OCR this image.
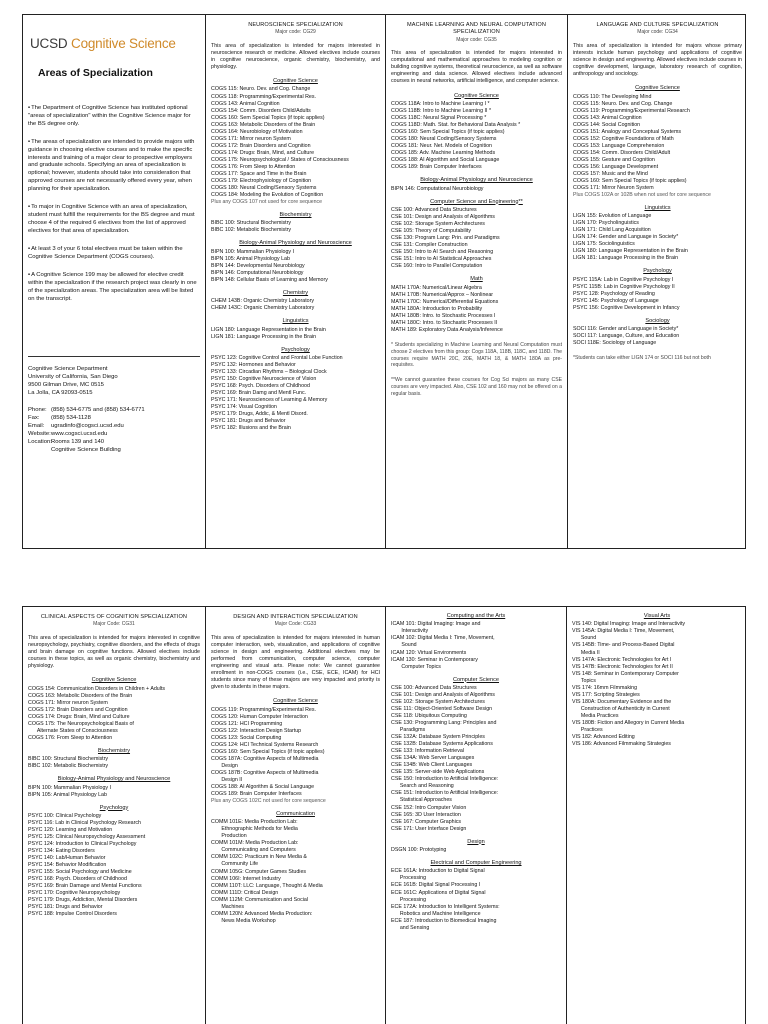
UCSD Cognitive Science
Areas of Specialization

•The Department of Cognitive Science has instituted optional "areas of specialization" within the Cognitive Science major for the BS degree only.

•The areas of specialization are intended to provide majors with guidance in choosing elective courses and to make the specific interests and training of a major clear to prospective employers and graduate schools. Specifying an area of specialization is optional; however, students should take into consideration that approved courses are not necessarily offered every year, when planning for their specialization.

•To major in Cognitive Science with an area of specialization, student must fulfill the requirements for the BS degree and must choose 4 of the required 6 electives from the list of approved electives for that area of specialization.

•At least 3 of your 6 total electives must be taken within the Cognitive Science Department (COGS courses).

•A Cognitive Science 199 may be allowed for elective credit within the specialization if the research project was clearly in one of the specialization areas. The specialization area will be listed on the transcript.

Cognitive Science Department
University of California, San Diego
9500 Gilman Drive, MC 0515
La Jolla, CA 92093-0515
Phone: (858) 534-6775 and (858) 534-6771
Fax:	(858) 534-1128
Email:	ugradinfo@cogsci.ucsd.edu
Website: www.cogsci.ucsd.edu
Location: Rooms 139 and 140
Cognitive Science Building
NEUROSCIENCE SPECIALIZATION
Major code: CG29
This area of specialization is intended for majors interested in neuroscience research or medicine. Allowed electives include courses in cognitive neuroscience, organic chemistry, biochemistry, and physiology.
Cognitive Science
COGS 115: Neuro. Dev. and Cog. Change
COGS 118: Programming/Experimental Res.
COGS 143: Animal Cognition
COGS 154: Comm. Disorders Child/Adults
COGS 160: Sem Special Topics (if topic applies)
COGS 163: Metabolic Disorders of the Brain
COGS 164: Neurobiology of Motivation
COGS 171: Mirror neuron System
COGS 172: Brain Disorders and Cognition
COGS 174: Drugs: Brain, Mind, and Culture
COGS 175: Neuropsychological / States of Consciousness
COGS 176: From Sleep to Attention
COGS 177: Space and Time in the Brain
COGS 179: Electrophysiology of Cognition
COGS 180: Neural Coding/Sensory Systems
COGS 184: Modeling the Evolution of Cognition
Plus any COGS 107 not used for core sequence
Biochemistry
BIBC 100: Structural Biochemistry
BIBC 102: Metabolic Biochemistry
Biology-Animal Physiology and Neuroscience
BIPN 100: Mammalian Physiology I
BIPN 105: Animal Physiology Lab
BIPN 144: Developmental Neurobiology
BIPN 146: Computational Neurobiology
BIPN 148: Cellular Basis of Learning and Memory
Chemistry
CHEM 143B: Organic Chemistry Laboratory
CHEM 143C: Organic Chemistry Laboratory
Linguistics
LIGN 180: Language Representation in the Brain
LIGN 181: Language Processing in the Brain
Psychology
PSYC 123: Cognitive Control and Frontal Lobe Function
PSYC 132: Hormones and Behavior
PSYC 133: Circadian Rhythms – Biological Clock
PSYC 150: Cognitive Neuroscience of Vision
PSYC 168: Psych. Disorders of Childhood
PSYC 169: Brain Damg and Mentl Func.
PSYC 171: Neurosciences of Learning & Memory
PSYC 174: Visual Cognition
PSYC 179: Drugs, Addic, & Mentl Disord.
PSYC 181: Drugs and Behavior
PSYC 182: Illusions and the Brain
MACHINE LEARNING AND NEURAL COMPUTATION SPECIALIZATION
Major code: CG35
This area of specialization is intended for majors interested in computational and mathematical approaches to modeling cognition or building cognitive systems, theoretical neuroscience, as well as software engineering and data science. Allowed electives include advanced courses in neural networks, artificial intelligence, and computer science.
Cognitive Science
COGS 118A: Intro to Machine Learning I *
COGS 118B: Intro to Machine Learning II *
COGS 118C: Neural Signal Processing *
COGS 118D: Math. Stat. for Behavioral Data Analysis *
COGS 160: Sem Special Topics (if topic applies)
COGS 180: Neural Coding/Sensory Systems
COGS 181: Neur. Net. Models of Cognition
COGS 185: Adv. Machine Learning Methods
COGS 188: AI Algorithm and Social Language
COGS 189: Brain Computer Interfaces
Biology-Animal Physiology and Neuroscience
BIPN 146: Computational Neurobiology
Computer Science and Engineering**
CSE 100: Advanced Data Structures
CSE 101: Design and Analysis of Algorithms
CSE 102: Storage System Architectures
CSE 105: Theory of Computability
CSE 130: Program Lang: Prin. and Paradigms
CSE 131: Compiler Construction
CSE 150: Intro to AI Search and Reasoning
CSE 151: Intro to AI Statistical Approaches
CSE 160: Intro to Parallel Computation
Math
MATH 170A: Numerical/Linear Algebra
MATH 170B: Numerical/Approx – Nonlinear
MATH 170C: Numerical/Differential Equations
MATH 180A: Introduction to Probability
MATH 180B: Intro. to Stochastic Processes I
MATH 180C: Intro. to Stochastic Processes II
MATH 189: Exploratory Data Analysis/Inference
* Students specializing in Machine Learning and Neural Computation must choose 2 electives from this group: Cogs 118A, 118B, 118C, and 118D. The courses require MATH 20C, 20E, MATH 18, & MATH 180A as pre-requisites.
**We cannot guarantee these courses for Cog Sci majors as many CSE courses are very impacted. Also, CSE 102 and 160 may not be offered on a regular basis.
LANGUAGE AND CULTURE SPECIALIZATION
Major code: CG34
This area of specialization is intended for majors whose primary interests include human psychology and applications of cognitive science in design and engineering. Allowed electives include courses in cognitive development, language, laboratory research of cognition, anthropology and sociology.
Cognitive Science
COGS 110: The Developing Mind
COGS 115: Neuro. Dev. and Cog. Change
COGS 119: Programming/Experimental Research
COGS 143: Animal Cognition
COGS 144: Social Cognition
COGS 151: Analogy and Conceptual Systems
COGS 152: Cognitive Foundations of Math
COGS 153: Language Comprehension
COGS 154: Comm. Disorders Child/Adult
COGS 155: Gesture and Cognition
COGS 156: Language Development
COGS 157: Music and the Mind
COGS 160: Sem Special Topics (if topic applies)
COGS 171: Mirror Neuron System
Plus COGS 102A or 102B when not used for core sequence
Linguistics
LIGN 155: Evolution of Language
LIGN 170: Psycholinguistics
LIGN 171: Child Lang Acquisition
LIGN 174: Gender and Language in Society*
LIGN 175: Sociolinguistics
LIGN 180: Language Representation in the Brain
LIGN 181: Language Processing in the Brain
Psychology
PSYC 115A: Lab in Cognitive Psychology I
PSYC 115B: Lab in Cognitive Psychology II
PSYC 128: Psychology of Reading
PSYC 145: Psychology of Language
PSYC 156: Cognitive Development in Infancy
Sociology
SOCI 116: Gender and Language in Society*
SOCI 117: Language, Culture, and Education
SOCI 118E: Sociology of Language
*Students can take either LIGN 174 or SOCI 116 but not both
CLINICAL ASPECTS OF COGNITION SPECIALIZATION
Major Code: CG31
This area of specialization is intended for majors interested in cognitive neuropsychology, psychiatry, cognitive disorders, and the effects of drugs and brain damage on cognitive functions. Allowed electives include courses in these topics, as well as organic chemistry, biochemistry and physiology.
Cognitive Science
COGS 154: Communication Disorders in Children + Adults
COGS 163: Metabolic Disorders of the Brain
COGS 171: Mirror neuron System
COGS 172: Brain Disorders and Cognition
COGS 174: Drugs: Brain, Mind and Culture
COGS 175: The Neuropsychological Basis of
Alternate States of Consciousness
COGS 176: From Sleep to Attention
Biochemistry
BIBC 100: Structural Biochemistry
BIBC 102: Metabolic Biochemistry
Biology-Animal Physiology and Neuroscience
BIPN 100: Mammalian Physiology I
BIPN 105: Animal Physiology Lab
Psychology
PSYC 100: Clinical Psychology
PSYC 116: Lab in Clinical Psychology Research
PSYC 120: Learning and Motivation
PSYC 125: Clinical Neuropsychology Assessment
PSYC 124: Introduction to Clinical Psychology
PSYC 134: Eating Disorders
PSYC 140: Lab/Human Behavior
PSYC 154: Behavior Modification
PSYC 155: Social Psychology and Medicine
PSYC 168: Psych. Disorders of Childhood
PSYC 169: Brain Damage and Mental Functions
PSYC 170: Cognitive Neuropsychology
PSYC 179: Drugs, Addiction, Mental Disorders
PSYC 181: Drugs and Behavior
PSYC 188: Impulse Control Disorders
DESIGN AND INTERACTION SPECIALIZATION
Major Code: CG33
This area of specialization is intended for majors interested in human computer interaction, web, visualization, and applications of cognitive science in design and engineering. Additional electives may be performed from communication, computer science, computer engineering and visual arts. Please note: We cannot guarantee enrollment in non-COGS courses (i.e., CSE, ECE, ICAM) for HCI students since many of these majors are very impacted and priority is given to students in these majors.
Cognitive Science
COGS 119: Programming/Experimental Res.
COGS 120: Human Computer Interaction
COGS 121: HCI Programming
COGS 122: Interaction Design Startup
COGS 123: Social Computing
COGS 124: HCI Technical Systems Research
COGS 160: Sem Special Topics (if topic applies)
COGS 187A: Cognitive Aspects of Multimedia
Design
COGS 187B: Cognitive Aspects of Multimedia
Design II
COGS 188: AI Algorithm & Social Language
COGS 189: Brain Computer Interfaces
Plus any COGS 102C not used for core sequence
Communication
COMM 101E: Media Production Lab:
Ethnographic Methods for Media
Production
COMM 101M: Media Production Lab:
Communicating and Computers
COMM 102C: Practicum in New Media &
Community Life
COMM 105G: Computer Games Studies
COMM 106I: Internet Industry
COMM 110T: LLC: Language, Thought & Media
COMM 111D: Critical Design
COMM 112M: Communication and Social
Machines
COMM 120N: Advanced Media Production:
News Media Workshop
Computing and the Arts
ICAM 101: Digital Imaging: Image and
Interactivity
ICAM 102: Digital Media I: Time, Movement,
Sound
ICAM 120: Virtual Environments
ICAM 130: Seminar in Contemporary
Computer Topics
Computer Science
CSE 100: Advanced Data Structures
CSE 101: Design and Analysis of Algorithms
CSE 102: Storage System Architectures
CSE 111: Object-Oriented Software Design
CSE 118: Ubiquitous Computing
CSE 130: Programming Lang: Principles and
Paradigms
CSE 132A: Database System Principles
CSE 132B: Database Systems Applications
CSE 133: Information Retrieval
CSE 134A: Web Server Languages
CSE 134B: Web Client Languages
CSE 135: Server-side Web Applications
CSE 150: Introduction to Artificial Intelligence:
Search and Reasoning
CSE 151: Introduction to Artificial Intelligence:
Statistical Approaches
CSE 152: Intro Computer Vision
CSE 165: 3D User Interaction
CSE 167: Computer Graphics
CSE 171: User Interface Design
Design
DSGN 100: Prototyping
Electrical and Computer Engineering
ECE 161A: Introduction to Digital Signal
Processing
ECE 161B: Digital Signal Processing I
ECE 161C: Applications of Digital Signal
Processing
ECE 172A: Introduction to Intelligent Systems:
Robotics and Machine Intelligence
ECE 187: Introduction to Biomedical Imaging
and Sensing
Visual Arts
VIS 140: Digital Imaging: Image and Interactivity
VIS 145A: Digital Media I: Time, Movement,
Sound
VIS 145B: Time- and Process-Based Digital
Media II
VIS 147A: Electronic Technologies for Art I
VIS 147B: Electronic Technologies for Art II
VIS 148: Seminar in Contemporary Computer
Topics
VIS 174: 16mm Filmmaking
VIS 177: Scripting Strategies
VIS 180A: Documentary Evidence and the
Construction of Authenticity in Current
Media Practices
VIS 180B: Fiction and Allegory in Current Media
Practices
VIS 182: Advanced Editing
VIS 186: Advanced Filmmaking Strategies
